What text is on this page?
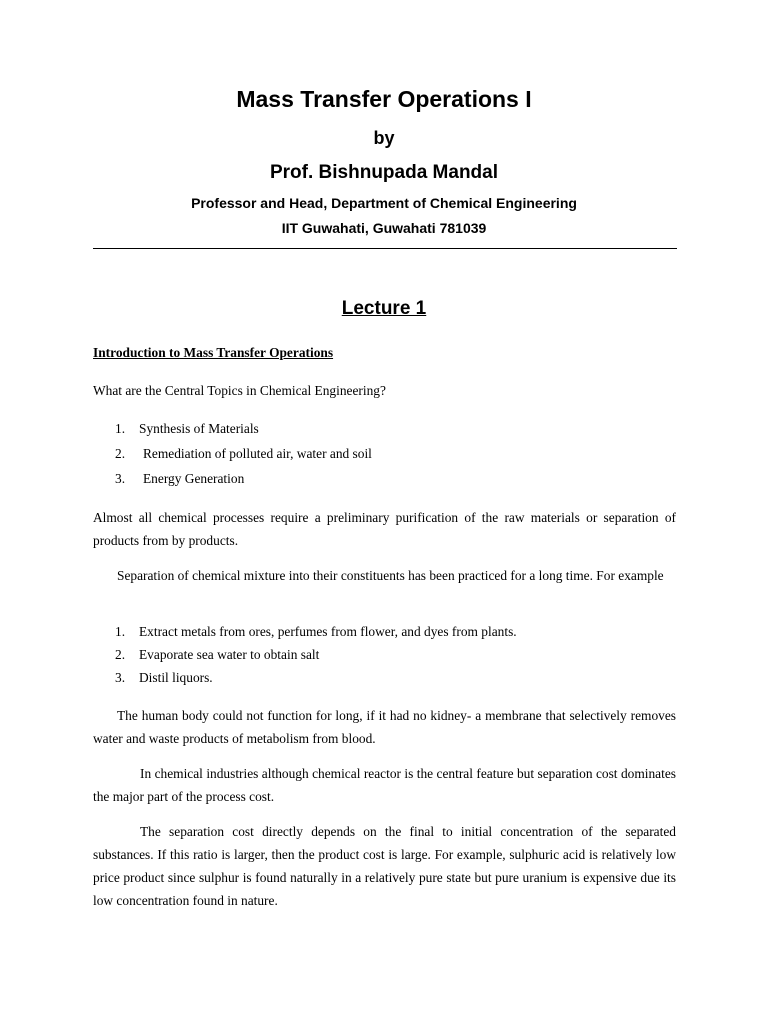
Mass Transfer Operations I
by
Prof. Bishnupada Mandal
Professor and Head, Department of Chemical Engineering
IIT Guwahati, Guwahati 781039
Lecture 1
Introduction to Mass Transfer Operations
What are the Central Topics in Chemical Engineering?
1. Synthesis of Materials
2. Remediation of polluted air, water and soil
3. Energy Generation
Almost all chemical processes require a preliminary purification of the raw materials or separation of products from by products.
Separation of chemical mixture into their constituents has been practiced for a long time. For example
1. Extract metals from ores, perfumes from flower, and dyes from plants.
2. Evaporate sea water to obtain salt
3. Distil liquors.
The human body could not function for long, if it had no kidney- a membrane that selectively removes water and waste products of metabolism from blood.
In chemical industries although chemical reactor is the central feature but separation cost dominates the major part of the process cost.
The separation cost directly depends on the final to initial concentration of the separated substances. If this ratio is larger, then the product cost is large. For example, sulphuric acid is relatively low price product since sulphur is found naturally in a relatively pure state but pure uranium is expensive due its low concentration found in nature.
